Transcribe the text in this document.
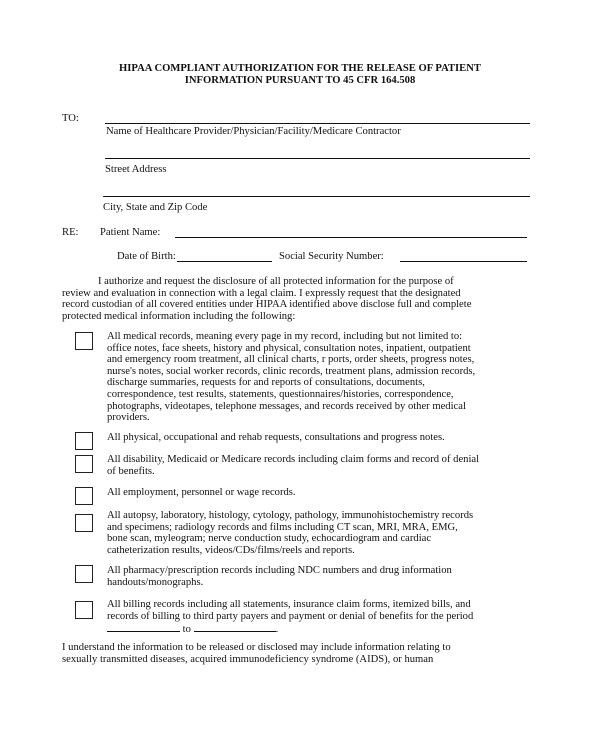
HIPAA COMPLIANT AUTHORIZATION FOR THE RELEASE OF PATIENT
INFORMATION PURSUANT TO 45 CFR 164.508
TO:
Name of Healthcare Provider/Physician/Facility/Medicare Contractor
Street Address
City, State and Zip Code
RE: Patient Name:
Date of Birth:	Social Security Number:
I authorize and request the disclosure of all protected information for the purpose of
review and evaluation in connection with a legal claim. I expressly request that the designated
record custodian of all covered entities under HIPAA identified above disclose full and complete
protected medical information including the following:
All medical records, meaning every page in my record, including but not limited to:
office notes, face sheets, history and physical, consultation notes, inpatient, outpatient
and emergency room treatment, all clinical charts, r ports, order sheets, progress notes,
nurse's notes, social worker records, clinic records, treatment plans, admission records,
discharge summaries, requests for and reports of consultations, documents,
correspondence, test results, statements, questionnaires/histories, correspondence,
photographs, videotapes, telephone messages, and records received by other medical
providers.
All physical, occupational and rehab requests, consultations and progress notes.
All disability, Medicaid or Medicare records including claim forms and record of denial
of benefits.
All employment, personnel or wage records.
All autopsy, laboratory, histology, cytology, pathology, immunohistochemistry records
and specimens; radiology records and films including CT scan, MRI, MRA, EMG,
bone scan, myleogram; nerve conduction study, echocardiogram and cardiac
catheterization results, videos/CDs/films/reels and reports.
All pharmacy/prescription records including NDC numbers and drug information
handouts/monographs.
All billing records including all statements, insurance claim forms, itemized bills, and
records of billing to third party payers and payment or denial of benefits for the period
to	.
I understand the information to be released or disclosed may include information relating to
sexually transmitted diseases, acquired immunodeficiency syndrome (AIDS), or human
